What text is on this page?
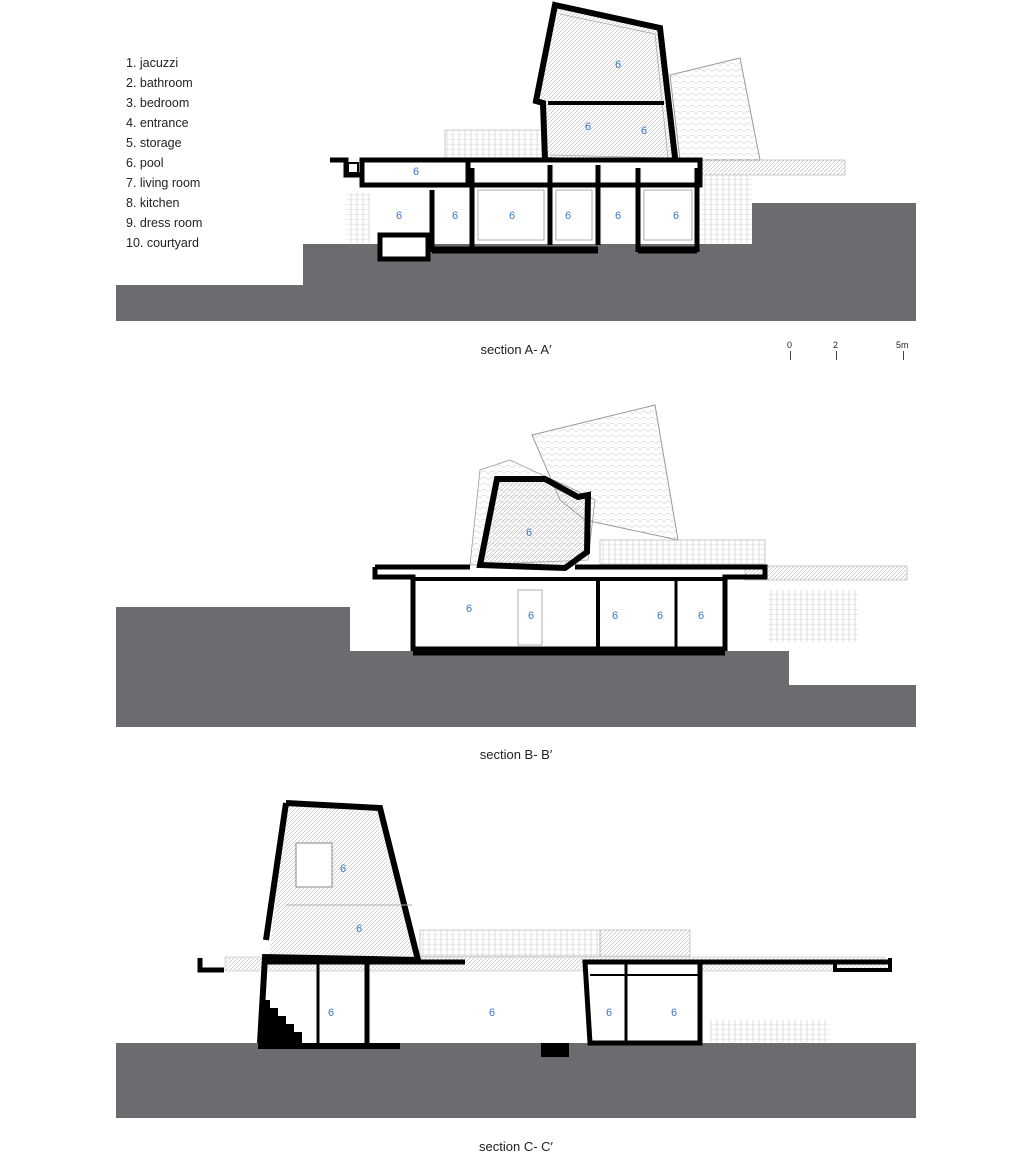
1. jacuzzi
2. bathroom
3. bedroom
4. entrance
5. storage
6. pool
7. living room
8. kitchen
9. dress room
10. courtyard
6
6	6
6
6	6	6	6	6	6
6
6
6	6	6	6
6
6
6	6	6	6
section A- A′
section B- B′
section C- C′
0	2	5m
